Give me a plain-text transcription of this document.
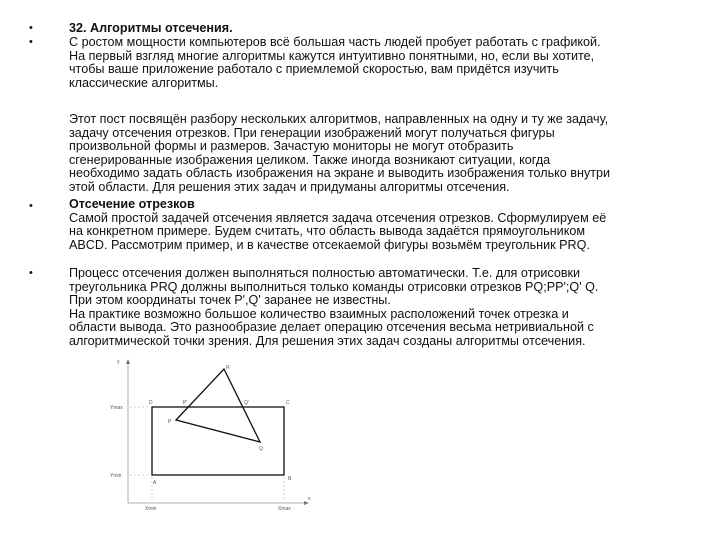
•	32. Алгоритмы отсечения.
•	С ростом мощности компьютеров всё большая часть людей пробует работать с графикой.

На первый взгляд многие алгоритмы кажутся интуитивно понятными, но, если вы хотите,

чтобы ваше приложение работало с приемлемой скоростью, вам придётся изучить

классические алгоритмы.

Этот пост посвящён разбору нескольких алгоритмов, направленных на одну и ту же задачу,

задачу отсечения отрезков. При генерации изображений могут получаться фигуры

произвольной формы и размеров. Зачастую мониторы не могут отобразить

сгенерированные изображения целиком. Также иногда возникают ситуации, когда

необходимо задать область изображения на экране и выводить изображения только внутри

этой области. Для решения этих задач и придуманы алгоритмы отсечения.

•	Отсечение отрезков

Самой простой задачей отсечения является задача отсечения отрезков. Сформулируем её

на конкретном примере. Будем считать, что область вывода задаётся прямоугольником

ABCD. Рассмотрим пример, и в качестве отсекаемой фигуры возьмём треугольник PRQ.

•	Процесс отсечения должен выполняться полностью автоматически. Т.е. для отрисовки

треугольника PRQ должны выполниться только команды отрисовки отрезков PQ;PP';Q' Q.

При этом координаты точек P',Q' заранее не известны.

На практике возможно большое количество взаимных расположений точек отрезка и

области вывода. Это разнообразие делает операцию отсечения весьма нетривиальной с

алгоритмической точки зрения. Для решения этих задач созданы алгоритмы отсечения.

A
B
C
D
P
Q
R
P'	Q'
y
x
Ymax
Ymin
Xmin	Xmax
